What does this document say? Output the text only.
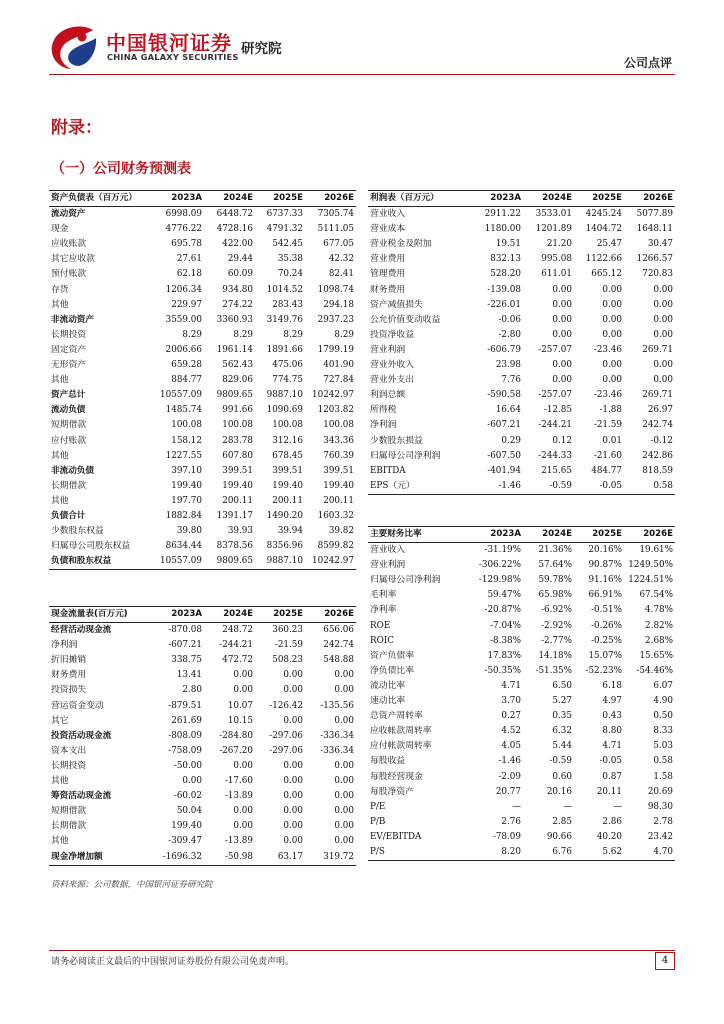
中国银河证券
CHINA GALAXY SECURITIES 研究院
公司点评
附录：
（一）公司财务预测表
资产负债表（百万元）	2023A	2024E	2025E	2026E
流动资产	6998.09	6448.72	6737.33	7305.74
现金	4776.22	4728.16	4791.32	5111.05
应收账款	695.78	422.00	542.45	677.05
其它应收款	27.61	29.44	35.38	42.32
预付账款	62.18	60.09	70.24	82.41
存货	1206.34	934.80	1014.52	1098.74
其他	229.97	274.22	283.43	294.18
非流动资产	3559.00	3360.93	3149.76	2937.23
长期投资	8.29	8.29	8.29	8.29
固定资产	2006.66	1961.14	1891.66	1799.19
无形资产	659.28	562.43	475.06	401.90
其他	884.77	829.06	774.75	727.84
资产总计	10557.09	9809.65	9887.10	10242.97
流动负债	1485.74	991.66	1090.69	1203.82
短期借款	100.08	100.08	100.08	100.08
应付账款	158.12	283.78	312.16	343.36
其他	1227.55	607.80	678.45	760.39
非流动负债	397.10	399.51	399.51	399.51
长期借款	199.40	199.40	199.40	199.40
其他	197.70	200.11	200.11	200.11
负债合计	1882.84	1391.17	1490.20	1603.32
少数股东权益	39.80	39.93	39.94	39.82
归属母公司股东权益	8634.44	8378.56	8356.96	8599.82
负债和股东权益	10557.09	9809.65	9887.10	10242.97
利润表（百万元）	2023A	2024E	2025E	2026E
营业收入	2911.22	3533.01	4245.24	5077.89
营业成本	1180.00	1201.89	1404.72	1648.11
营业税金及附加	19.51	21.20	25.47	30.47
营业费用	832.13	995.08	1122.66	1266.57
管理费用	528.20	611.01	665.12	720.83
财务费用	-139.08	0.00	0.00	0.00
资产减值损失	-226.01	0.00	0.00	0.00
公允价值变动收益	-0.06	0.00	0.00	0.00
投资净收益	-2.80	0.00	0.00	0.00
营业利润	-606.79	-257.07	-23.46	269.71
营业外收入	23.98	0.00	0.00	0.00
营业外支出	7.76	0.00	0.00	0.00
利润总额	-590.58	-257.07	-23.46	269.71
所得税	16.64	-12.85	-1.88	26.97
净利润	-607.21	-244.21	-21.59	242.74
少数股东损益	0.29	0.12	0.01	-0.12
归属母公司净利润	-607.50	-244.33	-21.60	242.86
EBITDA	-401.94	215.65	484.77	818.59
EPS（元）	-1.46	-0.59	-0.05	0.58
主要财务比率	2023A	2024E	2025E	2026E
营业收入	-31.19%	21.36%	20.16%	19.61%
营业利润	-306.22%	57.64%	90.87%	1249.50%
归属母公司净利润	-129.98%	59.78%	91.16%	1224.51%
毛利率	59.47%	65.98%	66.91%	67.54%
净利率	-20.87%	-6.92%	-0.51%	4.78%
ROE	-7.04%	-2.92%	-0.26%	2.82%
ROIC	-8.38%	-2.77%	-0.25%	2.68%
资产负债率	17.83%	14.18%	15.07%	15.65%
净负债比率	-50.35%	-51.35%	-52.23%	-54.46%
流动比率	4.71	6.50	6.18	6.07
速动比率	3.70	5.27	4.97	4.90
总资产周转率	0.27	0.35	0.43	0.50
应收帐款周转率	4.52	6.32	8.80	8.33
应付帐款周转率	4.05	5.44	4.71	5.03
每股收益	-1.46	-0.59	-0.05	0.58
每股经营现金	-2.09	0.60	0.87	1.58
每股净资产	20.77	20.16	20.11	20.69
P/E	—	—	—	98.30
P/B	2.76	2.85	2.86	2.78
EV/EBITDA	-78.09	90.66	40.20	23.42
P/S	8.20	6.76	5.62	4.70
现金流量表(百万元)	2023A	2024E	2025E	2026E
经营活动现金流	-870.08	248.72	360.23	656.06
净利润	-607.21	-244.21	-21.59	242.74
折旧摊销	338.75	472.72	508.23	548.88
财务费用	13.41	0.00	0.00	0.00
投资损失	2.80	0.00	0.00	0.00
营运资金变动	-879.51	10.07	-126.42	-135.56
其它	261.69	10.15	0.00	0.00
投资活动现金流	-808.09	-284.80	-297.06	-336.34
资本支出	-758.09	-267.20	-297.06	-336.34
长期投资	-50.00	0.00	0.00	0.00
其他	0.00	-17.60	0.00	0.00
筹资活动现金流	-60.02	-13.89	0.00	0.00
短期借款	50.04	0.00	0.00	0.00
长期借款	199.40	0.00	0.00	0.00
其他	-309.47	-13.89	0.00	0.00
现金净增加额	-1696.32	-50.98	63.17	319.72
资料来源：公司数据，中国银河证券研究院
请务必阅读正文最后的中国银河证券股份有限公司免责声明。	4
